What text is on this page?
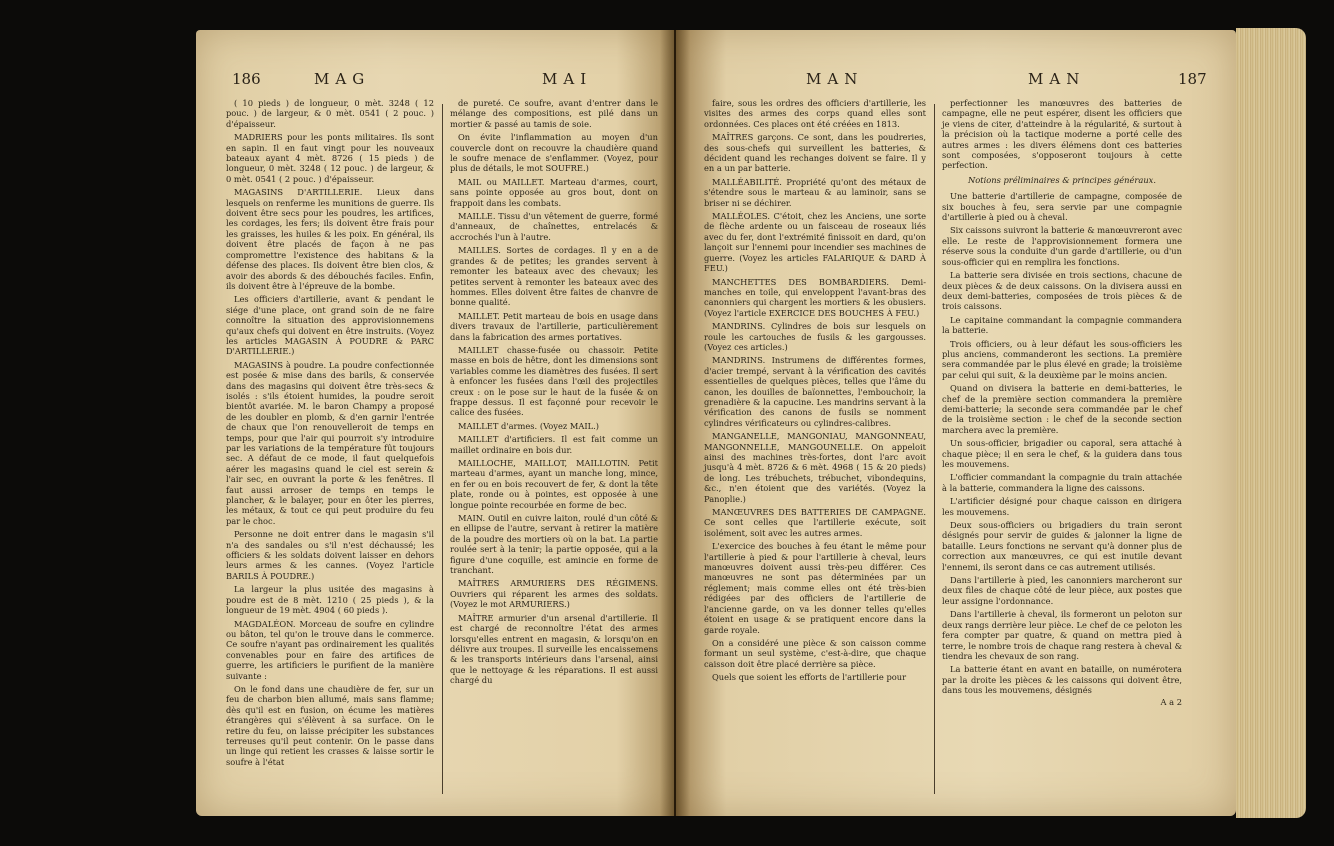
186	MAG	MAI

( 10 pieds ) de longueur, 0 mèt. 3248 ( 12 pouc. ) de largeur, & 0 mèt. 0541 ( 2 pouc. ) d'épaisseur.

MADRIERS pour les ponts militaires. Ils sont en sapin. Il en faut vingt pour les nouveaux bateaux ayant 4 mèt. 8726 ( 15 pieds ) de longueur, 0 mèt. 3248 ( 12 pouc. ) de largeur, & 0 mèt. 0541 ( 2 pouc. ) d'épaisseur.

MAGASINS D'ARTILLERIE. Lieux dans lesquels on renferme les munitions de guerre. Ils doivent être secs pour les poudres, les artifices, les cordages, les fers; ils doivent être frais pour les graisses, les huiles & les poix. En général, ils doivent être placés de façon à ne pas compromettre l'existence des habitans & la défense des places. Ils doivent être bien clos, & avoir des abords & des débouchés faciles. Enfin, ils doivent être à l'épreuve de la bombe.

Les officiers d'artillerie, avant & pendant le siége d'une place, ont grand soin de ne faire connoître la situation des approvisionnemens qu'aux chefs qui doivent en être instruits. (Voyez les articles MAGASIN À POUDRE & PARC D'ARTILLERIE.)

MAGASINS à poudre. La poudre confectionnée est posée & mise dans des barils, & conservée dans des magasins qui doivent être très-secs & isolés : s'ils étoient humides, la poudre seroit bientôt avariée. M. le baron Champy a proposé de les doubler en plomb, & d'en garnir l'entrée de chaux que l'on renouvelleroit de temps en temps, pour que l'air qui pourroit s'y introduire par les variations de la température fût toujours sec. A défaut de ce mode, il faut quelquefois aérer les magasins quand le ciel est serein & l'air sec, en ouvrant la porte & les fenêtres. Il faut aussi arroser de temps en temps le plancher, & le balayer, pour en ôter les pierres, les métaux, & tout ce qui peut produire du feu par le choc.

Personne ne doit entrer dans le magasin s'il n'a des sandales ou s'il n'est déchaussé; les officiers & les soldats doivent laisser en dehors leurs armes & les cannes. (Voyez l'article BARILS À POUDRE.)

La largeur la plus usitée des magasins à poudre est de 8 mèt. 1210 ( 25 pieds ), & la longueur de 19 mèt. 4904 ( 60 pieds ).

MAGDALÉON. Morceau de soufre en cylindre ou bâton, tel qu'on le trouve dans le commerce. Ce soufre n'ayant pas ordinairement les qualités convenables pour en faire des artifices de guerre, les artificiers le purifient de la manière suivante :

On le fond dans une chaudière de fer, sur un feu de charbon bien allumé, mais sans flamme; dès qu'il est en fusion, on écume les matières étrangères qui s'élèvent à sa surface. On le retire du feu, on laisse précipiter les substances terreuses qu'il peut contenir. On le passe dans un linge qui retient les crasses & laisse sortir le soufre à l'état

de pureté. Ce soufre, avant d'entrer dans le mélange des compositions, est pilé dans un mortier & passé au tamis de soie.

On évite l'inflammation au moyen d'un couvercle dont on recouvre la chaudière quand le soufre menace de s'enflammer. (Voyez, pour plus de détails, le mot SOUFRE.)

MAIL ou MAILLET. Marteau d'armes, court, sans pointe opposée au gros bout, dont on frappoit dans les combats.

MAILLE. Tissu d'un vêtement de guerre, formé d'anneaux, de chaînettes, entrelacés & accrochés l'un à l'autre.

MAILLES. Sortes de cordages. Il y en a de grandes & de petites; les grandes servent à remonter les bateaux avec des chevaux; les petites servent à remonter les bateaux avec des hommes. Elles doivent être faites de chanvre de bonne qualité.

MAILLET. Petit marteau de bois en usage dans divers travaux de l'artillerie, particulièrement dans la fabrication des armes portatives.

MAILLET chasse-fusée ou chassoir. Petite masse en bois de hêtre, dont les dimensions sont variables comme les diamètres des fusées. Il sert à enfoncer les fusées dans l'œil des projectiles creux : on le pose sur le haut de la fusée & on frappe dessus. Il est façonné pour recevoir le calice des fusées.

MAILLET d'armes. (Voyez MAIL.)

MAILLET d'artificiers. Il est fait comme un maillet ordinaire en bois dur.

MAILLOCHE, MAILLOT, MAILLOTIN. Petit marteau d'armes, ayant un manche long, mince, en fer ou en bois recouvert de fer, & dont la tête plate, ronde ou à pointes, est opposée à une longue pointe recourbée en forme de bec.

MAIN. Outil en cuivre laiton, roulé d'un côté & en ellipse de l'autre, servant à retirer la matière de la poudre des mortiers où on la bat. La partie roulée sert à la tenir; la partie opposée, qui a la figure d'une coquille, est amincie en forme de tranchant.

MAÎTRES ARMURIERS DES RÉGIMENS. Ouvriers qui réparent les armes des soldats. (Voyez le mot ARMURIERS.)

MAÎTRE armurier d'un arsenal d'artillerie. Il est chargé de reconnoître l'état des armes lorsqu'elles entrent en magasin, & lorsqu'on en délivre aux troupes. Il surveille les encaissemens & les transports intérieurs dans l'arsenal, ainsi que le nettoyage & les réparations. Il est aussi chargé du

MAN	MAN	187

faire, sous les ordres des officiers d'artillerie, les visites des armes des corps quand elles sont ordonnées. Ces places ont été créées en 1813.

MAÎTRES garçons. Ce sont, dans les poudreries, des sous-chefs qui surveillent les batteries, & décident quand les rechanges doivent se faire. Il y en a un par batterie.

MALLÉABILITÉ. Propriété qu'ont des métaux de s'étendre sous le marteau & au laminoir, sans se briser ni se déchirer.

MALLÉOLES. C'étoit, chez les Anciens, une sorte de flèche ardente ou un faisceau de roseaux liés avec du fer, dont l'extrémité finissoit en dard, qu'on lançoit sur l'ennemi pour incendier ses machines de guerre. (Voyez les articles FALARIQUE & DARD À FEU.)

MANCHETTES DES BOMBARDIERS. Demi-manches en toile, qui enveloppent l'avant-bras des canonniers qui chargent les mortiers & les obusiers. (Voyez l'article EXERCICE DES BOUCHES À FEU.)

MANDRINS. Cylindres de bois sur lesquels on roule les cartouches de fusils & les gargousses. (Voyez ces articles.)

MANDRINS. Instrumens de différentes formes, d'acier trempé, servant à la vérification des cavités essentielles de quelques pièces, telles que l'âme du canon, les douilles de baïonnettes, l'embouchoir, la grenadière & la capucine. Les mandrins servant à la vérification des canons de fusils se nomment cylindres vérificateurs ou cylindres-calibres.

MANGANELLE, MANGONIAU, MANGONNEAU, MANGONNELLE, MANGOUNELLE. On appeloit ainsi des machines très-fortes, dont l'arc avoit jusqu'à 4 mèt. 8726 & 6 mèt. 4968 ( 15 & 20 pieds) de long. Les trébuchets, trébuchet, vibondequins, &c., n'en étoient que des variétés. (Voyez la Panoplie.)

MANŒUVRES DES BATTERIES DE CAMPAGNE. Ce sont celles que l'artillerie exécute, soit isolément, soit avec les autres armes.

L'exercice des bouches à feu étant le même pour l'artillerie à pied & pour l'artillerie à cheval, leurs manœuvres doivent aussi très-peu différer. Ces manœuvres ne sont pas déterminées par un réglement; mais comme elles ont été très-bien rédigées par des officiers de l'artillerie de l'ancienne garde, on va les donner telles qu'elles étoient en usage & se pratiquent encore dans la garde royale.

On a considéré une pièce & son caisson comme formant un seul système, c'est-à-dire, que chaque caisson doit être placé derrière sa pièce.

Quels que soient les efforts de l'artillerie pour

perfectionner les manœuvres des batteries de campagne, elle ne peut espérer, disent les officiers que je viens de citer, d'atteindre à la régularité, & surtout à la précision où la tactique moderne a porté celle des autres armes : les divers élémens dont ces batteries sont composées, s'opposeront toujours à cette perfection.

Notions préliminaires & principes généraux.

Une batterie d'artillerie de campagne, composée de six bouches à feu, sera servie par une compagnie d'artillerie à pied ou à cheval.

Six caissons suivront la batterie & manœuvreront avec elle. Le reste de l'approvisionnement formera une réserve sous la conduite d'un garde d'artillerie, ou d'un sous-officier qui en remplira les fonctions.

La batterie sera divisée en trois sections, chacune de deux pièces & de deux caissons. On la divisera aussi en deux demi-batteries, composées de trois pièces & de trois caissons.

Le capitaine commandant la compagnie commandera la batterie.

Trois officiers, ou à leur défaut les sous-officiers les plus anciens, commanderont les sections. La première sera commandée par le plus élevé en grade; la troisième par celui qui suit, & la deuxième par le moins ancien.

Quand on divisera la batterie en demi-batteries, le chef de la première section commandera la première demi-batterie; la seconde sera commandée par le chef de la troisième section : le chef de la seconde section marchera avec la première.

Un sous-officier, brigadier ou caporal, sera attaché à chaque pièce; il en sera le chef, & la guidera dans tous les mouvemens.

L'officier commandant la compagnie du train attachée à la batterie, commandera la ligne des caissons.

L'artificier désigné pour chaque caisson en dirigera les mouvemens.

Deux sous-officiers ou brigadiers du train seront désignés pour servir de guides & jalonner la ligne de bataille. Leurs fonctions ne servant qu'à donner plus de correction aux manœuvres, ce qui est inutile devant l'ennemi, ils seront dans ce cas autrement utilisés.

Dans l'artillerie à pied, les canonniers marcheront sur deux files de chaque côté de leur pièce, aux postes que leur assigne l'ordonnance.

Dans l'artillerie à cheval, ils formeront un peloton sur deux rangs derrière leur pièce. Le chef de ce peloton les fera compter par quatre, & quand on mettra pied à terre, le nombre trois de chaque rang restera à cheval & tiendra les chevaux de son rang.

La batterie étant en avant en bataille, on numérotera par la droite les pièces & les caissons qui doivent être, dans tous les mouvemens, désignés

A a 2
